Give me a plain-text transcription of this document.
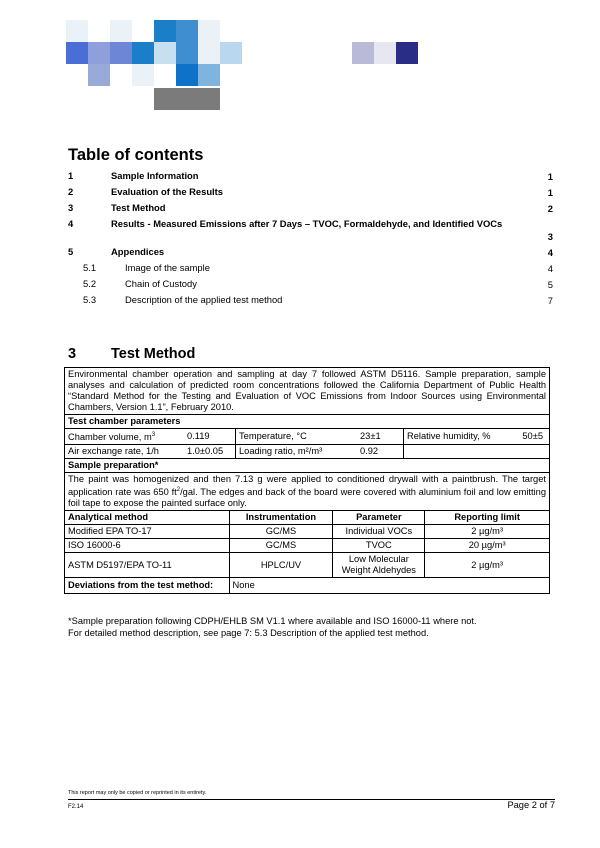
Table of contents
1	Sample Information	1
2	Evaluation of the Results	1
3	Test Method	2
4	Results - Measured Emissions after 7 Days – TVOC, Formaldehyde, and Identified VOCs
3
5	Appendices	4
5.1	Image of the sample	4
5.2	Chain of Custody	5
5.3	Description of the applied test method	7
3 Test Method
Environmental chamber operation and sampling at day 7 followed ASTM D5116. Sample preparation, sample analyses and calculation of predicted room concentrations followed the California Department of Public Health “Standard Method for the Testing and Evaluation of VOC Emissions from Indoor Sources using Environmental Chambers, Version 1.1”, February 2010.
Test chamber parameters

Chamber volume, $m^3$	0.119	Temperature, °C	23±1	Relative humidity, %	50±5

Air exchange rate, 1/h	1.0±0.05	Loading ratio, m²/m³	0.92	

Sample preparation*
The paint was homogenized and then 7.13 g were applied to conditioned drywall with a paintbrush. The target application rate was 650 $ft^2$/gal. The edges and back of the board were covered with aluminium foil and low emitting foil tape to expose the painted surface only.
Analytical method	Instrumentation	Parameter	Reporting limit
Modified EPA TO-17	GC/MS	Individual VOCs	2 µg/m³
ISO 16000-6	GC/MS	TVOC	20 µg/m³
ASTM D5197/EPA TO-11	HPLC/UV	Low Molecular Weight Aldehydes	2 µg/m³
Deviations from the test method:	None
*Sample preparation following CDPH/EHLB SM V1.1 where available and ISO 16000-11 where not.
For detailed method description, see page 7: 5.3 Description of the applied test method.
This report may only be copied or reprinted in its entirety.
F2.14	Page 2 of 7
